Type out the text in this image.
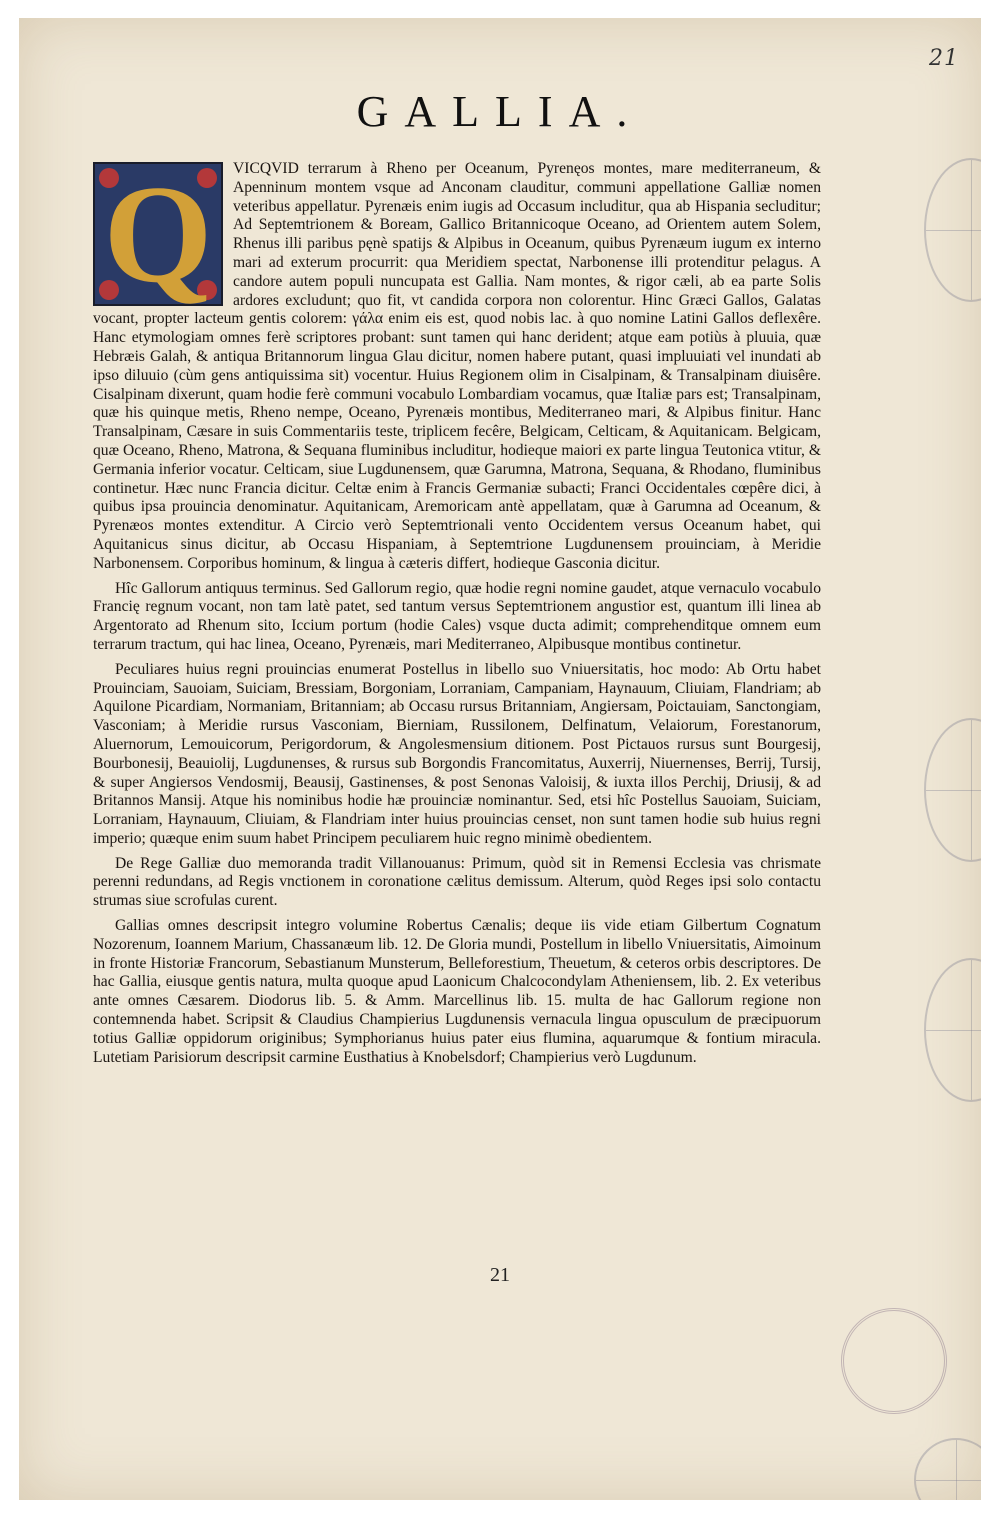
21
GALLIA.
Q	VICQVID terrarum à Rheno per Oceanum, Pyrenęos montes, mare mediterraneum, & Apenninum montem vsque ad Anconam clauditur, communi appellatione Galliæ nomen veteribus appellatur. Pyrenæis enim iugis ad Occasum includitur, qua ab Hispania secluditur; Ad Septemtrionem & Boream, Gallico Britannicoque Oceano, ad Orientem autem Solem, Rhenus illi paribus pęnè spatijs & Alpibus in Oceanum, quibus Pyrenæum iugum ex interno mari ad exterum procurrit: qua Meridiem spectat, Narbonense illi protenditur pelagus. A candore autem populi nuncupata est Gallia. Nam montes, & rigor cæli, ab ea parte Solis ardores excludunt; quo fit, vt candida corpora non colorentur. Hinc Græci Gallos, Galatas vocant, propter lacteum gentis colorem: γάλα enim eis est, quod nobis lac. à quo nomine Latini Gallos deflexêre. Hanc etymologiam omnes ferè scriptores probant: sunt tamen qui hanc derident; atque eam potiùs à pluuia, quæ Hebræis Galah, & antiqua Britannorum lingua Glau dicitur, nomen habere putant, quasi impluuiati vel inundati ab ipso diluuio (cùm gens antiquissima sit) vocentur. Huius Regionem olim in Cisalpinam, & Transalpinam diuisêre. Cisalpinam dixerunt, quam hodie ferè communi vocabulo Lombardiam vocamus, quæ Italiæ pars est; Transalpinam, quæ his quinque metis, Rheno nempe, Oceano, Pyrenæis montibus, Mediterraneo mari, & Alpibus finitur. Hanc Transalpinam, Cæsare in suis Commentariis teste, triplicem fecêre, Belgicam, Celticam, & Aquitanicam. Belgicam, quæ Oceano, Rheno, Matrona, & Sequana fluminibus includitur, hodieque maiori ex parte lingua Teutonica vtitur, & Germania inferior vocatur. Celticam, siue Lugdunensem, quæ Garumna, Matrona, Sequana, & Rhodano, fluminibus continetur. Hæc nunc Francia dicitur. Celtæ enim à Francis Germaniæ subacti; Franci Occidentales cœpêre dici, à quibus ipsa prouincia denominatur. Aquitanicam, Aremoricam antè appellatam, quæ à Garumna ad Oceanum, & Pyrenæos montes extenditur. A Circio verò Septemtrionali vento Occidentem versus Oceanum habet, qui Aquitanicus sinus dicitur, ab Occasu Hispaniam, à Septemtrione Lugdunensem prouinciam, à Meridie Narbonensem. Corporibus hominum, & lingua à cæteris differt, hodieque Gasconia dicitur.

Hîc Gallorum antiquus terminus. Sed Gallorum regio, quæ hodie regni nomine gaudet, atque vernaculo vocabulo Francię regnum vocant, non tam latè patet, sed tantum versus Septemtrionem angustior est, quantum illi linea ab Argentorato ad Rhenum sito, Iccium portum (hodie Cales) vsque ducta adimit; comprehenditque omnem eum terrarum tractum, qui hac linea, Oceano, Pyrenæis, mari Mediterraneo, Alpibusque montibus continetur.

Peculiares huius regni prouincias enumerat Postellus in libello suo Vniuersitatis, hoc modo: Ab Ortu habet Prouinciam, Sauoiam, Suiciam, Bressiam, Borgoniam, Lorraniam, Campaniam, Haynauum, Cliuiam, Flandriam; ab Aquilone Picardiam, Normaniam, Britanniam; ab Occasu rursus Britanniam, Angiersam, Poictauiam, Sanctongiam, Vasconiam; à Meridie rursus Vasconiam, Bierniam, Russilonem, Delfinatum, Velaiorum, Forestanorum, Aluernorum, Lemouicorum, Perigordorum, & Angolesmensium ditionem. Post Pictauos rursus sunt Bourgesij, Bourbonesij, Beauiolij, Lugdunenses, & rursus sub Borgondis Francomitatus, Auxerrij, Niuernenses, Berrij, Tursij, & super Angiersos Vendosmij, Beausij, Gastinenses, & post Senonas Valoisij, & iuxta illos Perchij, Driusij, & ad Britannos Mansij. Atque his nominibus hodie hæ prouinciæ nominantur. Sed, etsi hîc Postellus Sauoiam, Suiciam, Lorraniam, Haynauum, Cliuiam, & Flandriam inter huius prouincias censet, non sunt tamen hodie sub huius regni imperio; quæque enim suum habet Principem peculiarem huic regno minimè obedientem.

De Rege Galliæ duo memoranda tradit Villanouanus: Primum, quòd sit in Remensi Ecclesia vas chrismate perenni redundans, ad Regis vnctionem in coronatione cælitus demissum. Alterum, quòd Reges ipsi solo contactu strumas siue scrofulas curent.

Gallias omnes descripsit integro volumine Robertus Cænalis; deque iis vide etiam Gilbertum Cognatum Nozorenum, Ioannem Marium, Chassanæum lib. 12. De Gloria mundi, Postellum in libello Vniuersitatis, Aimoinum in fronte Historiæ Francorum, Sebastianum Munsterum, Belleforestium, Theuetum, & ceteros orbis descriptores. De hac Gallia, eiusque gentis natura, multa quoque apud Laonicum Chalcocondylam Atheniensem, lib. 2. Ex veteribus ante omnes Cæsarem. Diodorus lib. 5. & Amm. Marcellinus lib. 15. multa de hac Gallorum regione non contemnenda habet. Scripsit & Claudius Champierius Lugdunensis vernacula lingua opusculum de præcipuorum totius Galliæ oppidorum originibus; Symphorianus huius pater eius flumina, aquarumque & fontium miracula. Lutetiam Parisiorum descripsit carmine Eusthatius à Knobelsdorf; Champierius verò Lugdunum.

21
